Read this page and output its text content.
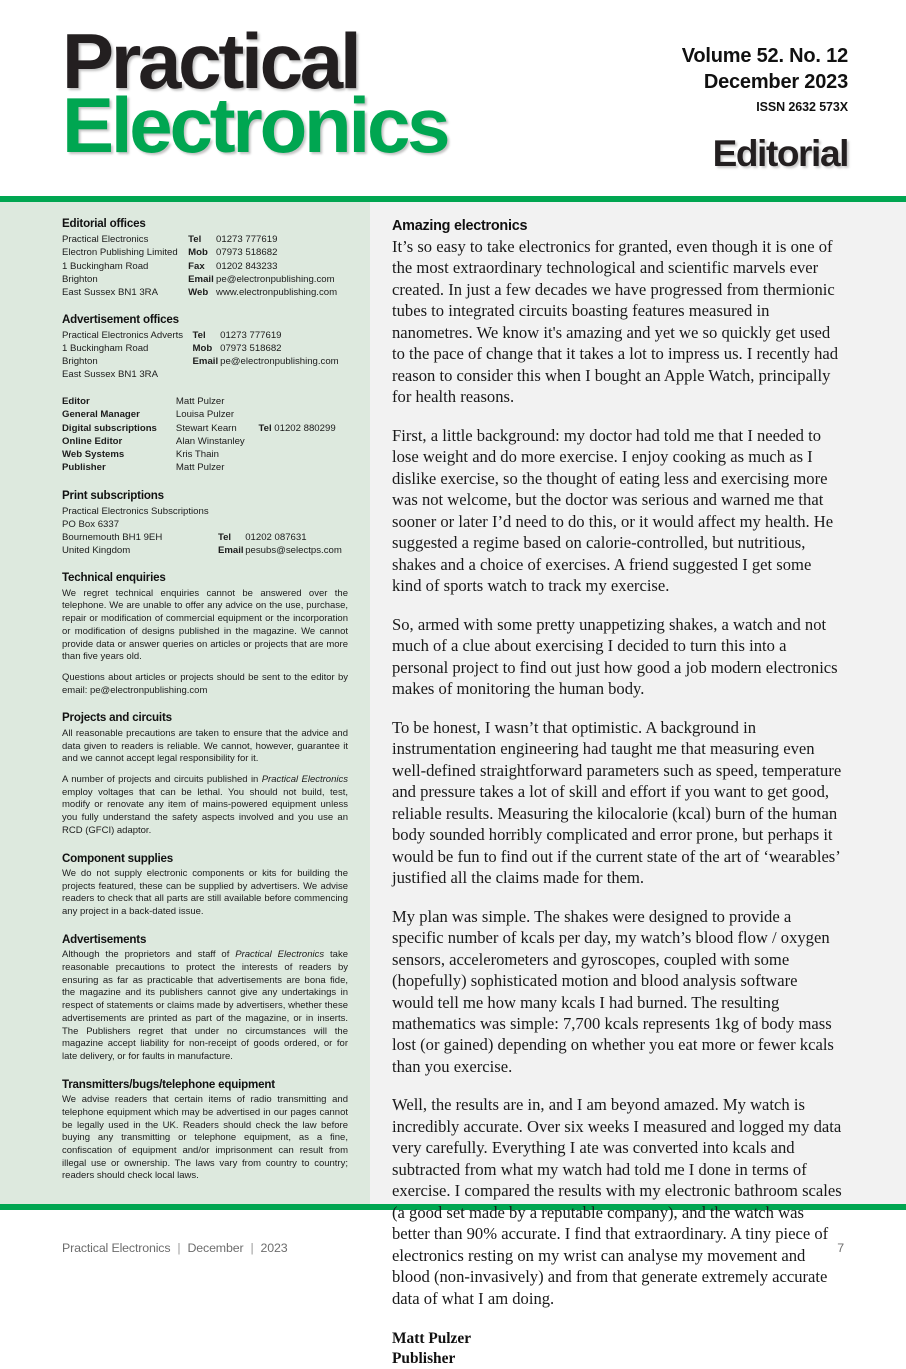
Practical
Electronics
Volume 52. No. 12
December 2023
ISSN 2632 573X
Editorial
Editorial offices
Practical Electronics	Tel	01273 777619
Electron Publishing Limited	Mob	07973 518682
1 Buckingham Road	Fax	01202 843233
Brighton	Email	pe@electronpublishing.com
East Sussex BN1 3RA	Web	www.electronpublishing.com
Advertisement offices
Practical Electronics Adverts	Tel	01273 777619
1 Buckingham Road	Mob	07973 518682
Brighton	Email	pe@electronpublishing.com
East Sussex BN1 3RA		
Editor	Matt Pulzer		
General Manager	Louisa Pulzer		
Digital subscriptions	Stewart Kearn	Tel	01202 880299
Online Editor	Alan Winstanley		
Web Systems	Kris Thain		
Publisher	Matt Pulzer		
Print subscriptions
Practical Electronics Subscriptions		
PO Box 6337		
Bournemouth BH1 9EH	Tel	01202 087631
United Kingdom	Email	pesubs@selectps.com
Technical enquiries

We regret technical enquiries cannot be answered over the telephone. We are unable to offer any advice on the use, purchase, repair or modification of commercial equipment or the incorporation or modification of designs published in the magazine. We cannot provide data or answer queries on articles or projects that are more than five years old.

Questions about articles or projects should be sent to the editor by email: pe@electronpublishing.com

Projects and circuits

All reasonable precautions are taken to ensure that the advice and data given to readers is reliable. We cannot, however, guarantee it and we cannot accept legal responsibility for it.

A number of projects and circuits published in Practical Electronics employ voltages that can be lethal. You should not build, test, modify or renovate any item of mains-powered equipment unless you fully understand the safety aspects involved and you use an RCD (GFCI) adaptor.

Component supplies

We do not supply electronic components or kits for building the projects featured, these can be supplied by advertisers. We advise readers to check that all parts are still available before commencing any project in a back-dated issue.

Advertisements

Although the proprietors and staff of Practical Electronics take reasonable precautions to protect the interests of readers by ensuring as far as practicable that advertisements are bona fide, the magazine and its publishers cannot give any undertakings in respect of statements or claims made by advertisers, whether these advertisements are printed as part of the magazine, or in inserts. The Publishers regret that under no circumstances will the magazine accept liability for non-receipt of goods ordered, or for late delivery, or for faults in manufacture.

Transmitters/bugs/telephone equipment

We advise readers that certain items of radio transmitting and telephone equipment which may be advertised in our pages cannot be legally used in the UK. Readers should check the law before buying any transmitting or telephone equipment, as a fine, confiscation of equipment and/or imprisonment can result from illegal use or ownership. The laws vary from country to country; readers should check local laws.

Amazing electronics

It’s so easy to take electronics for granted, even though it is one of the most extraordinary technological and scientific marvels ever created. In just a few decades we have progressed from thermionic tubes to integrated circuits boasting features measured in nanometres. We know it's amazing and yet we so quickly get used to the pace of change that it takes a lot to impress us. I recently had reason to consider this when I bought an Apple Watch, principally for health reasons.

First, a little background: my doctor had told me that I needed to lose weight and do more exercise. I enjoy cooking as much as I dislike exercise, so the thought of eating less and exercising more was not welcome, but the doctor was serious and warned me that sooner or later I’d need to do this, or it would affect my health. He suggested a regime based on calorie-controlled, but nutritious, shakes and a choice of exercises. A friend suggested I get some kind of sports watch to track my exercise.

So, armed with some pretty unappetizing shakes, a watch and not much of a clue about exercising I decided to turn this into a personal project to find out just how good a job modern electronics makes of monitoring the human body.

To be honest, I wasn’t that optimistic. A background in instrumentation engineering had taught me that measuring even well-defined straightforward parameters such as speed, temperature and pressure takes a lot of skill and effort if you want to get good, reliable results. Measuring the kilocalorie (kcal) burn of the human body sounded horribly complicated and error prone, but perhaps it would be fun to find out if the current state of the art of ‘wearables’ justified all the claims made for them.

My plan was simple. The shakes were designed to provide a specific number of kcals per day, my watch’s blood flow / oxygen sensors, accelerometers and gyroscopes, coupled with some (hopefully) sophisticated motion and blood analysis software would tell me how many kcals I had burned. The resulting mathematics was simple: 7,700 kcals represents 1kg of body mass lost (or gained) depending on whether you eat more or fewer kcals than you exercise.

Well, the results are in, and I am beyond amazed. My watch is incredibly accurate. Over six weeks I measured and logged my data very carefully. Everything I ate was converted into kcals and subtracted from what my watch had told me I done in terms of exercise. I compared the results with my electronic bathroom scales (a good set made by a reputable company), and the watch was better than 90% accurate. I find that extraordinary. A tiny piece of electronics resting on my wrist can analyse my movement and blood (non-invasively) and from that generate extremely accurate data of what I am doing.

Matt Pulzer
Publisher
Practical Electronics | December | 2023	7
